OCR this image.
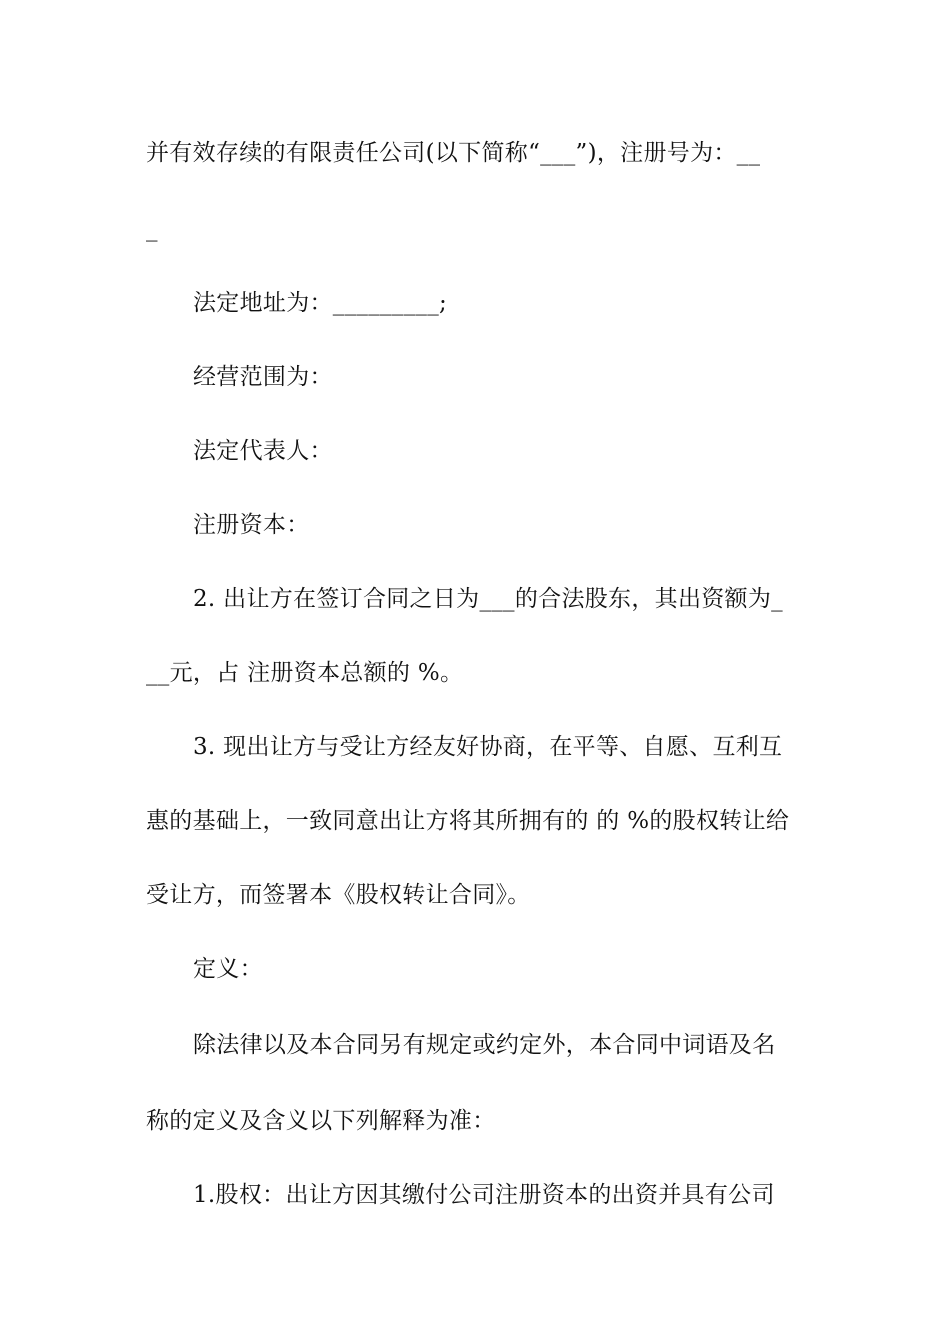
并有效存续的有限责任公司(以下简称“___”)，注册号为：__
_
法定地址为：_________;
经营范围为：
法定代表人：
注册资本：
2. 出让方在签订合同之日为___的合法股东，其出资额为_
__元，占 注册资本总额的 %。
3. 现出让方与受让方经友好协商，在平等、自愿、互利互
惠的基础上，一致同意出让方将其所拥有的 的 %的股权转让给
受让方，而签署本《股权转让合同》。
定义：
除法律以及本合同另有规定或约定外，本合同中词语及名
称的定义及含义以下列解释为准：
1.股权：出让方因其缴付公司注册资本的出资并具有公司
